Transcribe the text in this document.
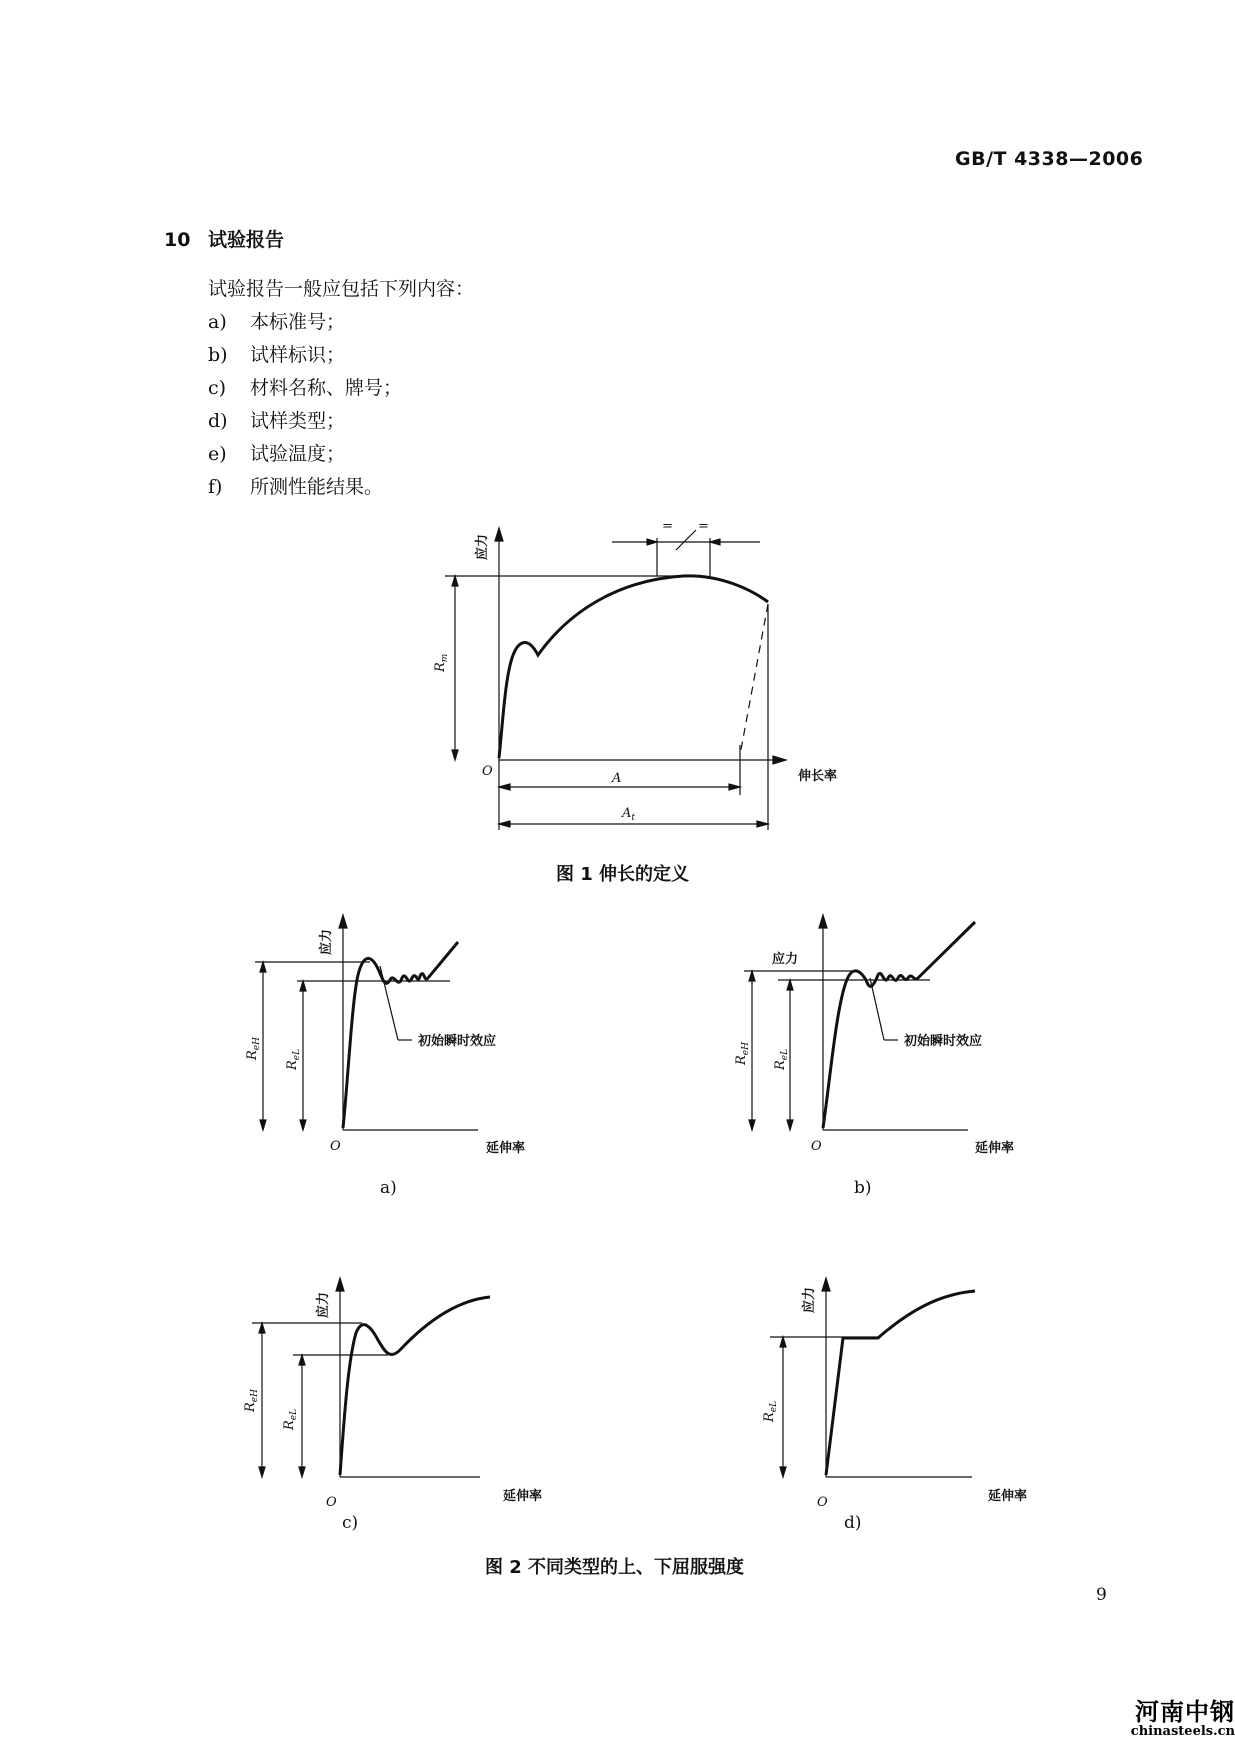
GB/T 4338—2006
10 试验报告
试验报告一般应包括下列内容：
a) 本标准号；
b) 试样标识；
c) 材料名称、牌号；
d) 试样类型；
e) 试验温度；
f) 所测性能结果。
应力
伸长率
O
= =
$R_m$
A
$A_t$
图 1 伸长的定义
应力
延伸率
O
初始瞬时效应
$R_{eH}$
$R_{eL}$
应力
延伸率
O
初始瞬时效应
$R_{eH}$
$R_{eL}$
应力
延伸率
O
$R_{eH}$
$R_{eL}$
应力
延伸率
O
$R_{eL}$
a)	b)
c)	d)
图 2 不同类型的上、下屈服强度
9
河南中钢
chinasteels.cn
